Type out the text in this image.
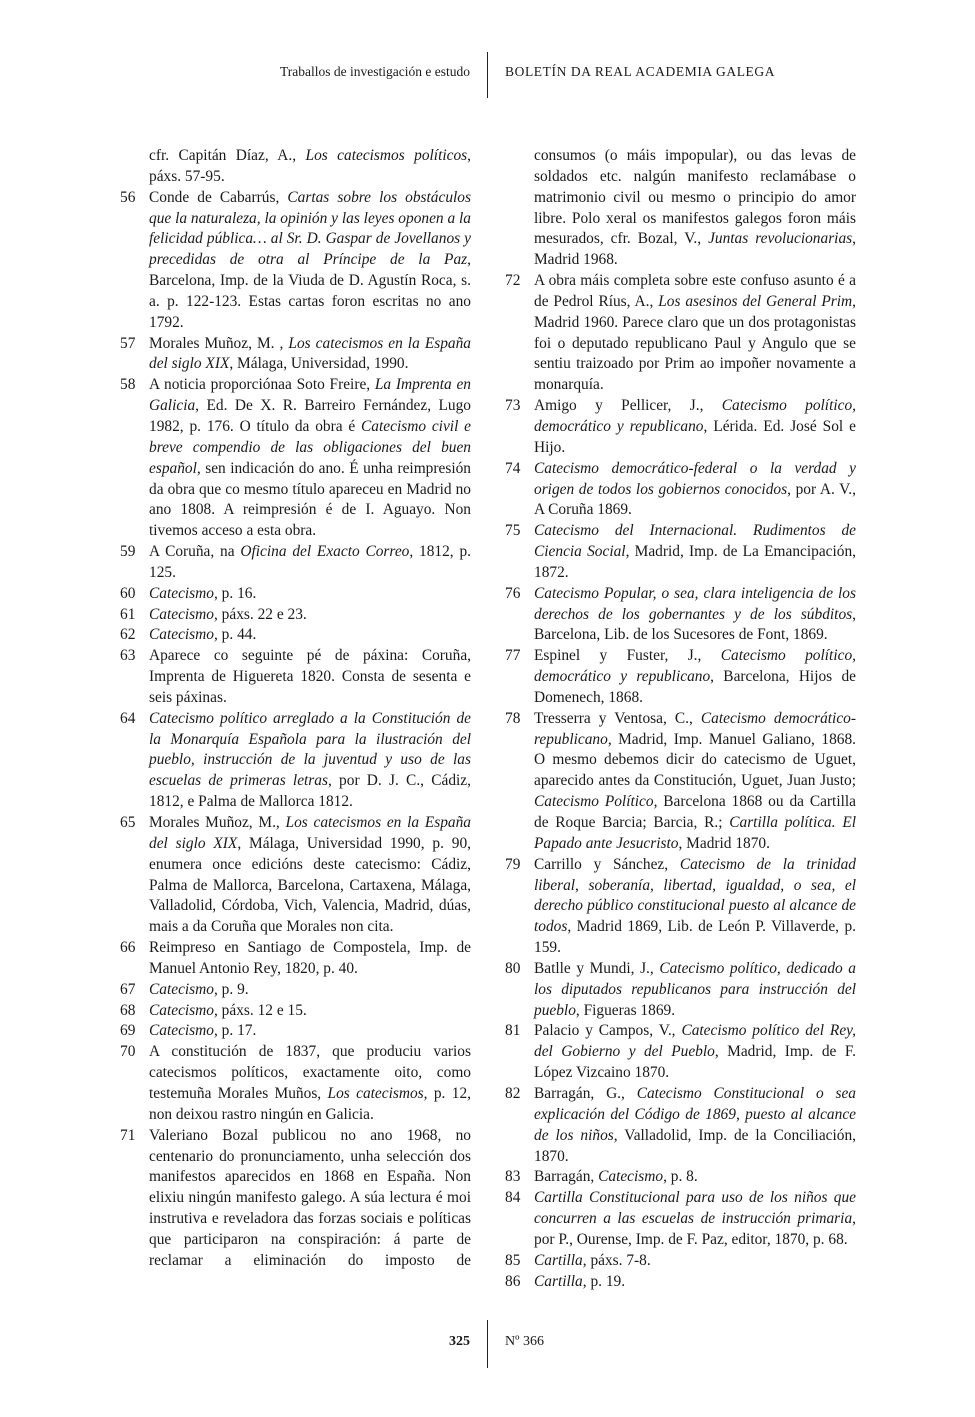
Traballos de investigación e estudo	BOLETÍN DA REAL ACADEMIA GALEGA
cfr. Capitán Díaz, A., Los catecismos políticos, páxs. 57-95.
56 Conde de Cabarrús, Cartas sobre los obstáculos que la naturaleza, la opinión y las leyes oponen a la felicidad pública… al Sr. D. Gaspar de Jovellanos y precedidas de otra al Príncipe de la Paz, Barcelona, Imp. de la Viuda de D. Agustín Roca, s. a. p. 122-123. Estas cartas foron escritas no ano 1792.
57 Morales Muñoz, M. , Los catecismos en la España del siglo XIX, Málaga, Universidad, 1990.
58 A noticia proporciónaa Soto Freire, La Imprenta en Galicia, Ed. De X. R. Barreiro Fernández, Lugo 1982, p. 176. O título da obra é Catecismo civil e breve compendio de las obligaciones del buen español, sen indicación do ano. É unha reimpresión da obra que co mesmo título apareceu en Madrid no ano 1808. A reimpresión é de I. Aguayo. Non tivemos acceso a esta obra.
59 A Coruña, na Oficina del Exacto Correo, 1812, p. 125.
60 Catecismo, p. 16.
61 Catecismo, páxs. 22 e 23.
62 Catecismo, p. 44.
63 Aparece co seguinte pé de páxina: Coruña, Imprenta de Higuereta 1820. Consta de sesenta e seis páxinas.
64 Catecismo político arreglado a la Constitución de la Monarquía Española para la ilustración del pueblo, instrucción de la juventud y uso de las escuelas de primeras letras, por D. J. C., Cádiz, 1812, e Palma de Mallorca 1812.
65 Morales Muñoz, M., Los catecismos en la España del siglo XIX, Málaga, Universidad 1990, p. 90, enumera once edicións deste catecismo: Cádiz, Palma de Mallorca, Barcelona, Cartaxena, Málaga, Valladolid, Córdoba, Vich, Valencia, Madrid, dúas, mais a da Coruña que Morales non cita.
66 Reimpreso en Santiago de Compostela, Imp. de Manuel Antonio Rey, 1820, p. 40.
67 Catecismo, p. 9.
68 Catecismo, páxs. 12 e 15.
69 Catecismo, p. 17.
70 A constitución de 1837, que produciu varios catecismos políticos, exactamente oito, como testemuña Morales Muños, Los catecismos, p. 12, non deixou rastro ningún en Galicia.
71 Valeriano Bozal publicou no ano 1968, no centenario do pronunciamento, unha selección dos manifestos aparecidos en 1868 en España. Non elixiu ningún manifesto galego. A súa lectura é moi instrutiva e reveladora das forzas sociais e políticas que participaron na conspiración: á parte de reclamar a eliminación do imposto de
consumos (o máis impopular), ou das levas de soldados etc. nalgún manifesto reclamábase o matrimonio civil ou mesmo o principio do amor libre. Polo xeral os manifestos galegos foron máis mesurados, cfr. Bozal, V., Juntas revolucionarias, Madrid 1968.
72 A obra máis completa sobre este confuso asunto é a de Pedrol Ríus, A., Los asesinos del General Prim, Madrid 1960. Parece claro que un dos protagonistas foi o deputado republicano Paul y Angulo que se sentiu traizoado por Prim ao impoñer novamente a monarquía.
73 Amigo y Pellicer, J., Catecismo político, democrático y republicano, Lérida. Ed. José Sol e Hijo.
74 Catecismo democrático-federal o la verdad y origen de todos los gobiernos conocidos, por A. V., A Coruña 1869.
75 Catecismo del Internacional. Rudimentos de Ciencia Social, Madrid, Imp. de La Emancipación, 1872.
76 Catecismo Popular, o sea, clara inteligencia de los derechos de los gobernantes y de los súbditos, Barcelona, Lib. de los Sucesores de Font, 1869.
77 Espinel y Fuster, J., Catecismo político, democrático y republicano, Barcelona, Hijos de Domenech, 1868.
78 Tresserra y Ventosa, C., Catecismo democrático-republicano, Madrid, Imp. Manuel Galiano, 1868. O mesmo debemos dicir do catecismo de Uguet, aparecido antes da Constitución, Uguet, Juan Justo; Catecismo Político, Barcelona 1868 ou da Cartilla de Roque Barcia; Barcia, R.; Cartilla política. El Papado ante Jesucristo, Madrid 1870.
79 Carrillo y Sánchez, Catecismo de la trinidad liberal, soberanía, libertad, igualdad, o sea, el derecho público constitucional puesto al alcance de todos, Madrid 1869, Lib. de León P. Villaverde, p. 159.
80 Batlle y Mundi, J., Catecismo político, dedicado a los diputados republicanos para instrucción del pueblo, Figueras 1869.
81 Palacio y Campos, V., Catecismo político del Rey, del Gobierno y del Pueblo, Madrid, Imp. de F. López Vizcaino 1870.
82 Barragán, G., Catecismo Constitucional o sea explicación del Código de 1869, puesto al alcance de los niños, Valladolid, Imp. de la Conciliación, 1870.
83 Barragán, Catecismo, p. 8.
84 Cartilla Constitucional para uso de los niños que concurren a las escuelas de instrucción primaria, por P., Ourense, Imp. de F. Paz, editor, 1870, p. 68.
85 Cartilla, páxs. 7-8.
86 Cartilla, p. 19.
325	Nº 366
